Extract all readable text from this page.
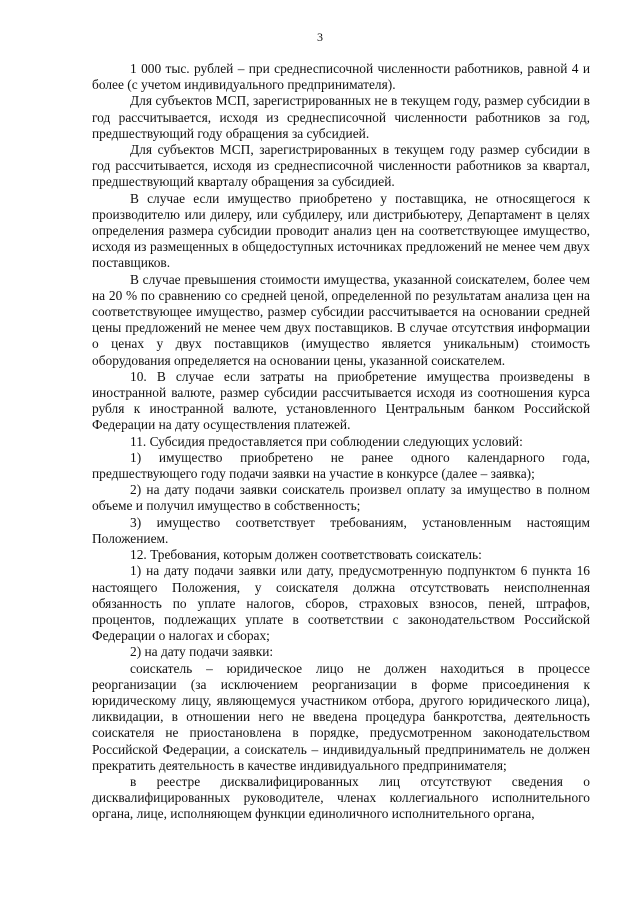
3

1 000 тыс. рублей – при среднесписочной численности работников, равной 4 и более (с учетом индивидуального предпринимателя).

Для субъектов МСП, зарегистрированных не в текущем году, размер субсидии в год рассчитывается, исходя из среднесписочной численности работников за год, предшествующий году обращения за субсидией.

Для субъектов МСП, зарегистрированных в текущем году размер субсидии в год рассчитывается, исходя из среднесписочной численности работников за квартал, предшествующий кварталу обращения за субсидией.

В случае если имущество приобретено у поставщика, не относящегося к производителю или дилеру, или субдилеру, или дистрибьютеру, Департамент в целях определения размера субсидии проводит анализ цен на соответствующее имущество, исходя из размещенных в общедоступных источниках предложений не менее чем двух поставщиков.

В случае превышения стоимости имущества, указанной соискателем, более чем на 20 % по сравнению со средней ценой, определенной по результатам анализа цен на соответствующее имущество, размер субсидии рассчитывается на основании средней цены предложений не менее чем двух поставщиков. В случае отсутствия информации о ценах у двух поставщиков (имущество является уникальным) стоимость оборудования определяется на основании цены, указанной соискателем.

10. В случае если затраты на приобретение имущества произведены в иностранной валюте, размер субсидии рассчитывается исходя из соотношения курса рубля к иностранной валюте, установленного Центральным банком Российской Федерации на дату осуществления платежей.

11. Субсидия предоставляется при соблюдении следующих условий:

1) имущество приобретено не ранее одного календарного года, предшествующего году подачи заявки на участие в конкурсе (далее – заявка);

2) на дату подачи заявки соискатель произвел оплату за имущество в полном объеме и получил имущество в собственность;

3) имущество соответствует требованиям, установленным настоящим Положением.

12. Требования, которым должен соответствовать соискатель:

1) на дату подачи заявки или дату, предусмотренную подпунктом 6 пункта 16 настоящего Положения, у соискателя должна отсутствовать неисполненная обязанность по уплате налогов, сборов, страховых взносов, пеней, штрафов, процентов, подлежащих уплате в соответствии с законодательством Российской Федерации о налогах и сборах;

2) на дату подачи заявки:

соискатель – юридическое лицо не должен находиться в процессе реорганизации (за исключением реорганизации в форме присоединения к юридическому лицу, являющемуся участником отбора, другого юридического лица), ликвидации, в отношении него не введена процедура банкротства, деятельность соискателя не приостановлена в порядке, предусмотренном законодательством Российской Федерации, а соискатель – индивидуальный предприниматель не должен прекратить деятельность в качестве индивидуального предпринимателя;

в реестре дисквалифицированных лиц отсутствуют сведения о дисквалифицированных руководителе, членах коллегиального исполнительного органа, лице, исполняющем функции единоличного исполнительного органа,
